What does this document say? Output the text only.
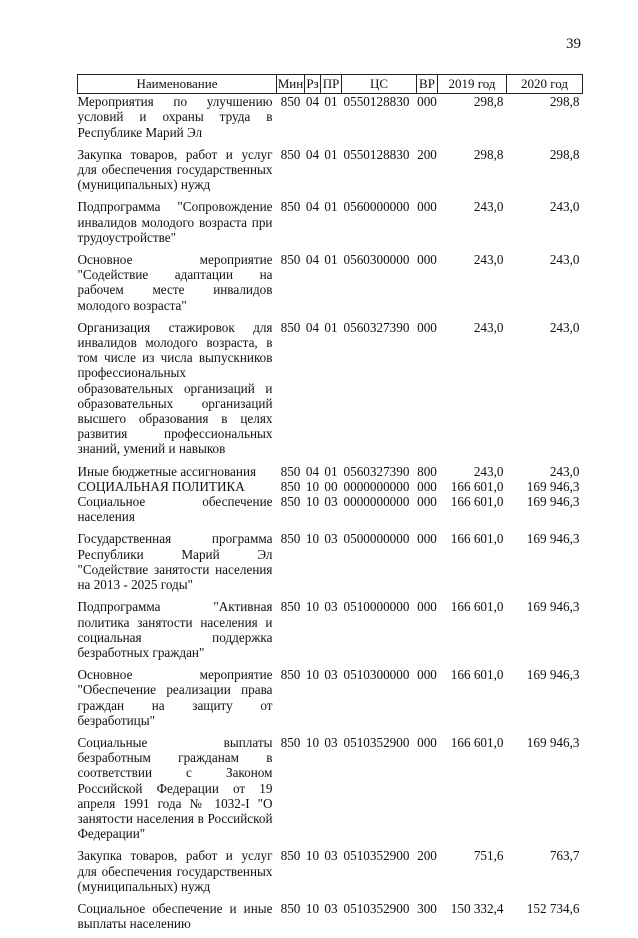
39
Наименование	Мин	Рз	ПР	ЦС	ВР	2019 год	2020 год
Мероприятия по улучшению условий и охраны труда в Республике Марий Эл	850	04	01	0550128830	000	298,8	298,8
Закупка товаров, работ и услуг для обеспечения государственных (муниципальных) нужд	850	04	01	0550128830	200	298,8	298,8
Подпрограмма "Сопровождение инвалидов молодого возраста при трудоустройстве"	850	04	01	0560000000	000	243,0	243,0
Основное мероприятие "Содействие адаптации на рабочем месте инвалидов молодого возраста"	850	04	01	0560300000	000	243,0	243,0
Организация стажировок для инвалидов молодого возраста, в том числе из числа выпускников профессиональных образовательных организаций и образовательных организаций высшего образования в целях развития профессиональных знаний, умений и навыков	850	04	01	0560327390	000	243,0	243,0
Иные бюджетные ассигнования	850	04	01	0560327390	800	243,0	243,0
СОЦИАЛЬНАЯ ПОЛИТИКА	850	10	00	0000000000	000	166 601,0	169 946,3
Социальное обеспечение населения	850	10	03	0000000000	000	166 601,0	169 946,3
Государственная программа Республики Марий Эл "Содействие занятости населения на 2013 - 2025 годы"	850	10	03	0500000000	000	166 601,0	169 946,3
Подпрограмма "Активная политика занятости населения и социальная поддержка безработных граждан"	850	10	03	0510000000	000	166 601,0	169 946,3
Основное мероприятие "Обеспечение реализации права граждан на защиту от безработицы"	850	10	03	0510300000	000	166 601,0	169 946,3
Социальные выплаты безработным гражданам в соответствии с Законом Российской Федерации от 19 апреля 1991 года № 1032-I "О занятости населения в Российской Федерации"	850	10	03	0510352900	000	166 601,0	169 946,3
Закупка товаров, работ и услуг для обеспечения государственных (муниципальных) нужд	850	10	03	0510352900	200	751,6	763,7
Социальное обеспечение и иные выплаты населению	850	10	03	0510352900	300	150 332,4	152 734,6
